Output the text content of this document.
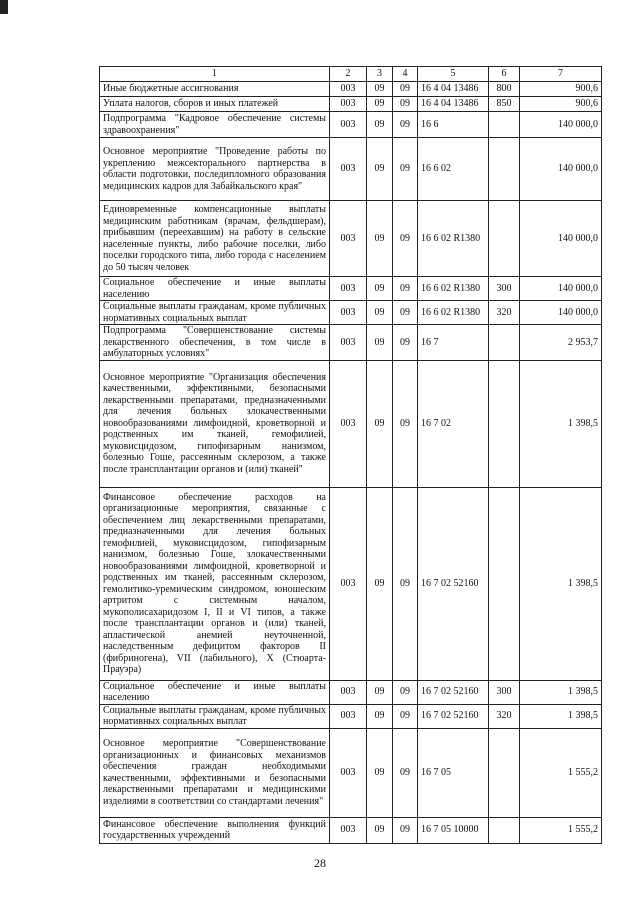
1	2	3	4	5	6	7
Иные бюджетные ассигнования	003	09	09	16 4 04 13486	800	900,6
Уплата налогов, сборов и иных платежей	003	09	09	16 4 04 13486	850	900,6
Подпрограмма "Кадровое обеспечение системы здравоохранения"	003	09	09	16 6		140 000,0
Основное мероприятие "Проведение работы по укреплению межсекторального партнерства в области подготовки, последипломного образования медицинских кадров для Забайкальского края"	003	09	09	16 6 02		140 000,0
Единовременные компенсационные выплаты медицинским работникам (врачам, фельдшерам), прибывшим (переехавшим) на работу в сельские населенные пункты, либо рабочие поселки, либо поселки городского типа, либо города с населением до 50 тысяч человек	003	09	09	16 6 02 R1380		140 000,0
Социальное обеспечение и иные выплаты населению	003	09	09	16 6 02 R1380	300	140 000,0
Социальные выплаты гражданам, кроме публичных нормативных социальных выплат	003	09	09	16 6 02 R1380	320	140 000,0
Подпрограмма "Совершенствование системы лекарственного обеспечения, в том числе в амбулаторных условиях"	003	09	09	16 7		2 953,7
Основное мероприятие "Организация обеспечения качественными, эффективными, безопасными лекарственными препаратами, предназначенными для лечения больных злокачественными новообразованиями лимфоидной, кроветворной и родственных им тканей, гемофилией, муковисцидозом, гипофизарным нанизмом, болезнью Гоше, рассеянным склерозом, а также после трансплантации органов и (или) тканей"	003	09	09	16 7 02		1 398,5
Финансовое обеспечение расходов на организационные мероприятия, связанные с обеспечением лиц лекарственными препаратами, предназначенными для лечения больных гемофилией, муковисцидозом, гипофизарным нанизмом, болезнью Гоше, злокачественными новообразованиями лимфоидной, кроветворной и родственных им тканей, рассеянным склерозом, гемолитико-уремическим синдромом, юношеским артритом с системным началом, мукополисахаридозом I, II и VI типов, а также после трансплантации органов и (или) тканей, апластической анемией неуточненной, наследственным дефицитом факторов II (фибриногена), VII (лабильного), X (Стюарта-Прауэра)	003	09	09	16 7 02 52160		1 398,5
Социальное обеспечение и иные выплаты населению	003	09	09	16 7 02 52160	300	1 398,5
Социальные выплаты гражданам, кроме публичных нормативных социальных выплат	003	09	09	16 7 02 52160	320	1 398,5
Основное мероприятие "Совершенствование организационных и финансовых механизмов обеспечения граждан необходимыми качественными, эффективными и безопасными лекарственными препаратами и медицинскими изделиями в соответствии со стандартами лечения"	003	09	09	16 7 05		1 555,2
Финансовое обеспечение выполнения функций государственных учреждений	003	09	09	16 7 05 10000		1 555,2
28
